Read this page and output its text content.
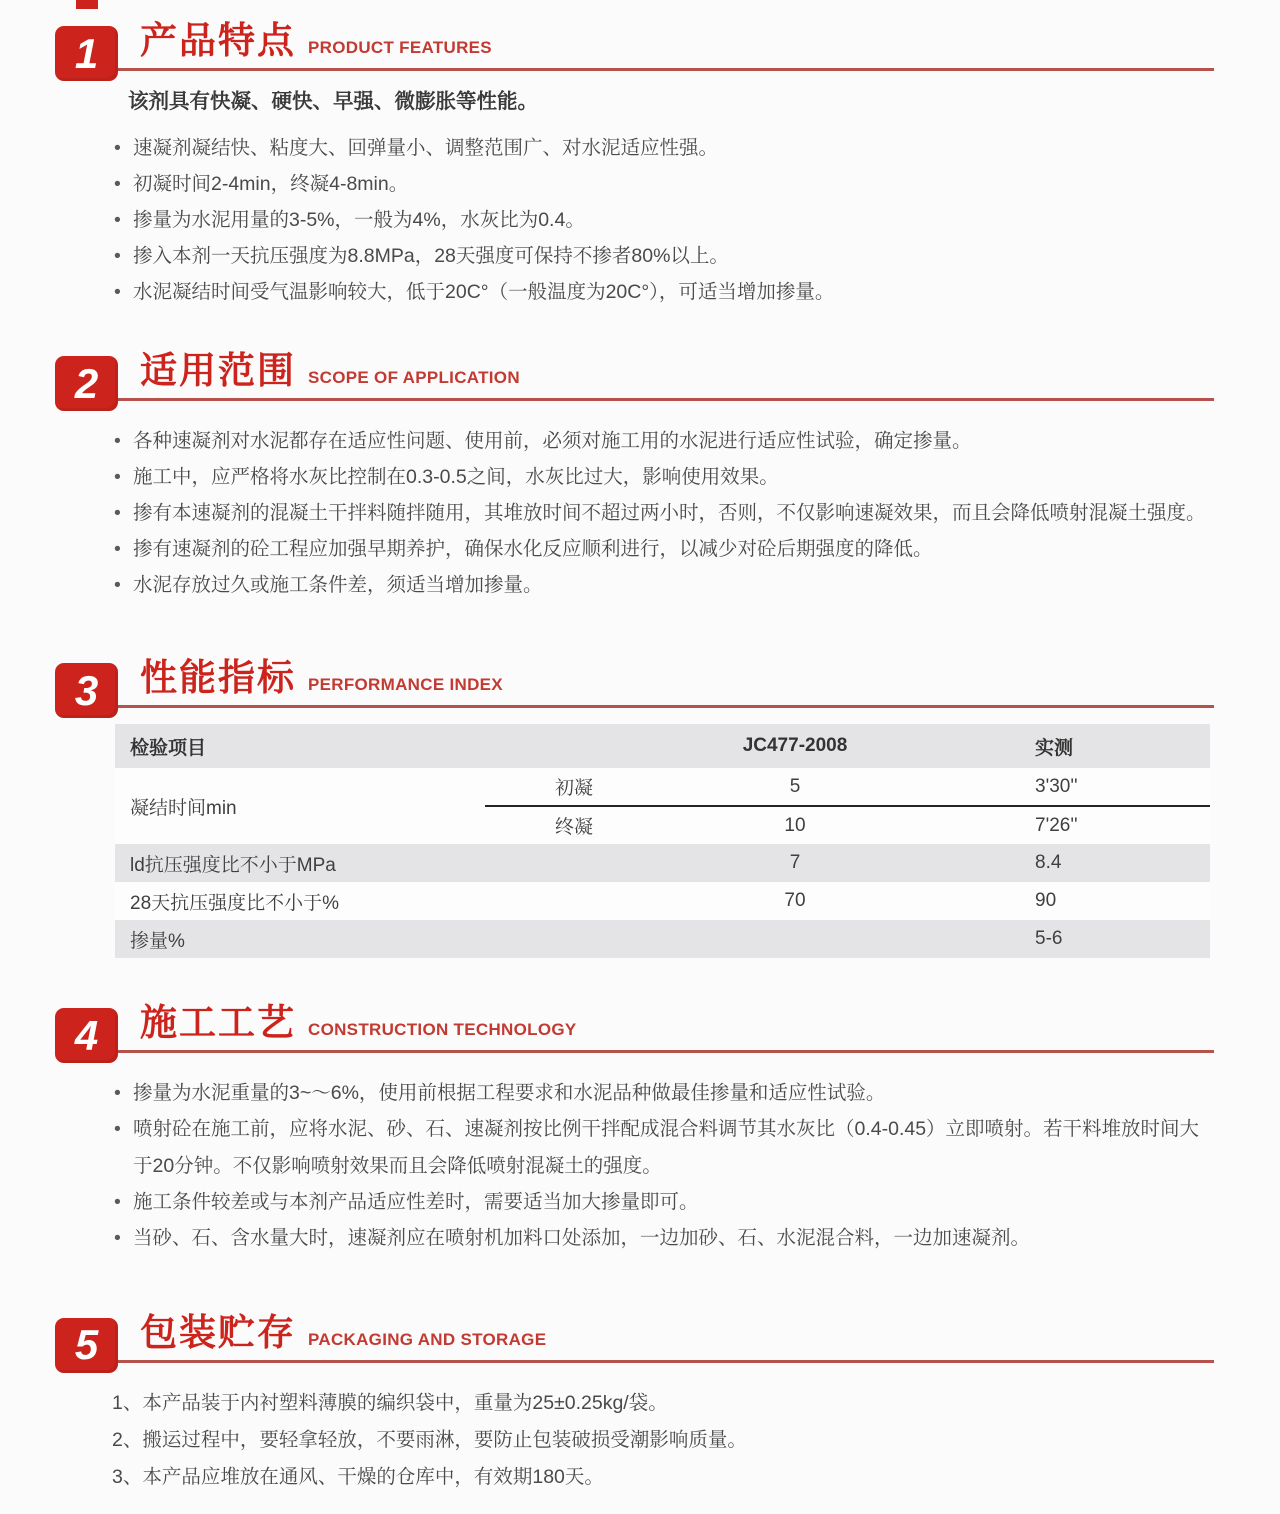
1 产品特点 PRODUCT FEATURES

该剂具有快凝、硬快、早强、微膨胀等性能。

• 速凝剂凝结快、粘度大、回弹量小、调整范围广、对水泥适应性强。
• 初凝时间2-4min，终凝4-8min。
• 掺量为水泥用量的3-5%，一般为4%，水灰比为0.4。
• 掺入本剂一天抗压强度为8.8MPa，28天强度可保持不掺者80%以上。
• 水泥凝结时间受气温影响较大，低于20C°（一般温度为20C°），可适当增加掺量。
2 适用范围 SCOPE OF APPLICATION
• 各种速凝剂对水泥都存在适应性问题、使用前，必须对施工用的水泥进行适应性试验，确定掺量。
• 施工中，应严格将水灰比控制在0.3-0.5之间，水灰比过大，影响使用效果。
• 掺有本速凝剂的混凝土干拌料随拌随用，其堆放时间不超过两小时，否则，不仅影响速凝效果，而且会降低喷射混凝土强度。
• 掺有速凝剂的砼工程应加强早期养护，确保水化反应顺利进行，以减少对砼后期强度的降低。
• 水泥存放过久或施工条件差，须适当增加掺量。
3 性能指标 PERFORMANCE INDEX
检验项目		JC477-2008	实测
凝结时间min	初凝	5	3'30''
	终凝	10	7'26''
ld抗压强度比不小于MPa		7	8.4
28天抗压强度比不小于%		70	90
掺量%			5-6
4 施工工艺 CONSTRUCTION TECHNOLOGY
• 掺量为水泥重量的3~～6%，使用前根据工程要求和水泥品种做最佳掺量和适应性试验。
• 喷射砼在施工前，应将水泥、砂、石、速凝剂按比例干拌配成混合料调节其水灰比（0.4-0.45）立即喷射。若干料堆放时间大于20分钟。不仅影响喷射效果而且会降低喷射混凝土的强度。
• 施工条件较差或与本剂产品适应性差时，需要适当加大掺量即可。
• 当砂、石、含水量大时，速凝剂应在喷射机加料口处添加，一边加砂、石、水泥混合料，一边加速凝剂。
5 包装贮存 PACKAGING AND STORAGE

1、本产品装于内衬塑料薄膜的编织袋中，重量为25±0.25kg/袋。

2、搬运过程中，要轻拿轻放，不要雨淋，要防止包装破损受潮影响质量。

3、本产品应堆放在通风、干燥的仓库中，有效期180天。
